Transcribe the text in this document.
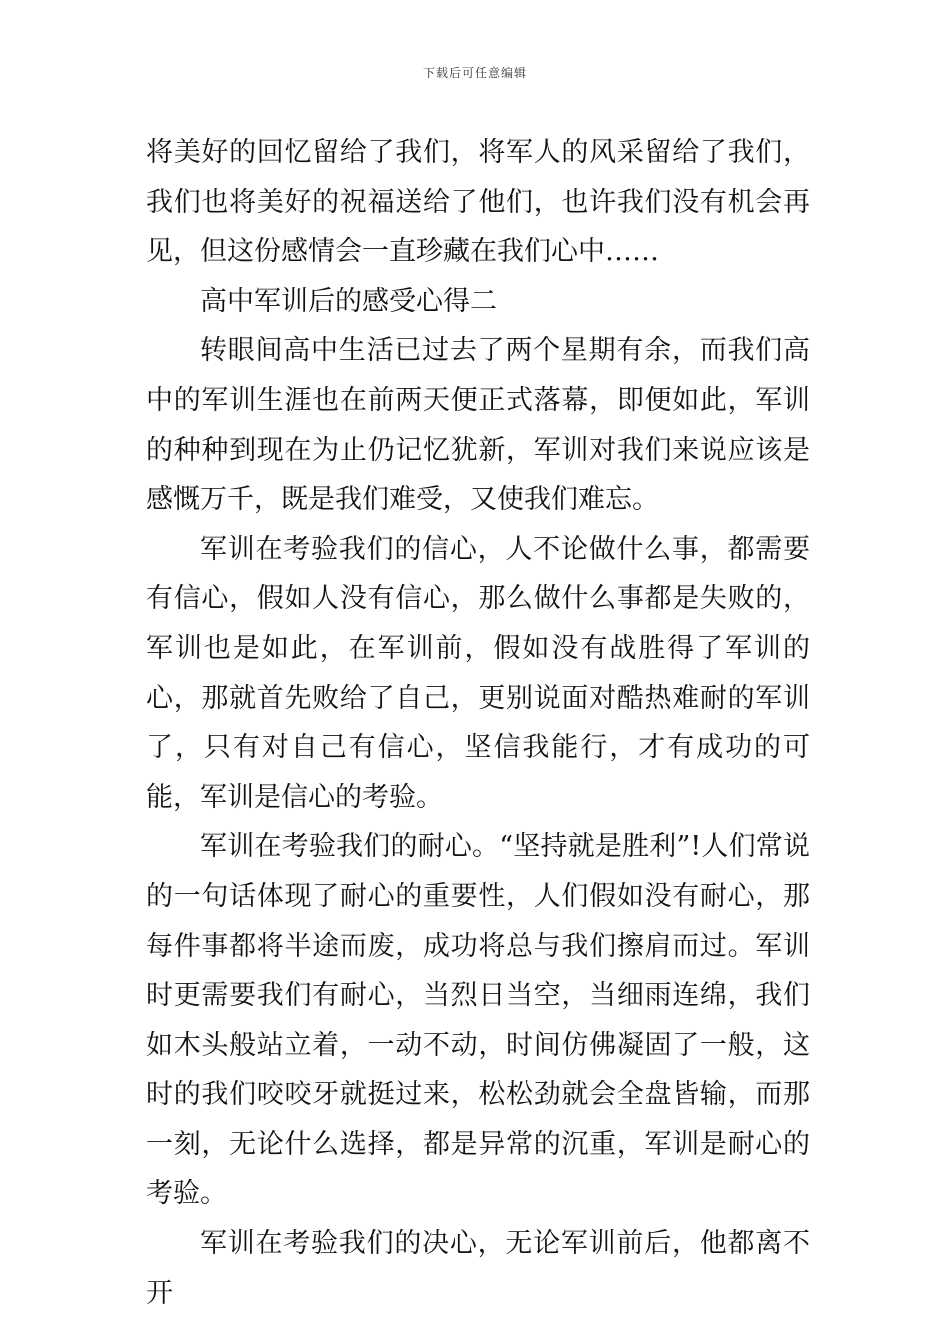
下载后可任意编辑

将美好的回忆留给了我们，将军人的风采留给了我们，我们也将美好的祝福送给了他们，也许我们没有机会再见，但这份感情会一直珍藏在我们心中……

高中军训后的感受心得二

转眼间高中生活已过去了两个星期有余，而我们高中的军训生涯也在前两天便正式落幕，即便如此，军训的种种到现在为止仍记忆犹新，军训对我们来说应该是感慨万千，既是我们难受，又使我们难忘。

军训在考验我们的信心，人不论做什么事，都需要有信心，假如人没有信心，那么做什么事都是失败的，军训也是如此，在军训前，假如没有战胜得了军训的心，那就首先败给了自己，更别说面对酷热难耐的军训了，只有对自己有信心，坚信我能行，才有成功的可能，军训是信心的考验。

军训在考验我们的耐心。“坚持就是胜利”!人们常说的一句话体现了耐心的重要性，人们假如没有耐心，那每件事都将半途而废，成功将总与我们擦肩而过。军训时更需要我们有耐心，当烈日当空，当细雨连绵，我们如木头般站立着，一动不动，时间仿佛凝固了一般，这时的我们咬咬牙就挺过来，松松劲就会全盘皆输，而那一刻，无论什么选择，都是异常的沉重，军训是耐心的考验。

军训在考验我们的决心，无论军训前后，他都离不开
